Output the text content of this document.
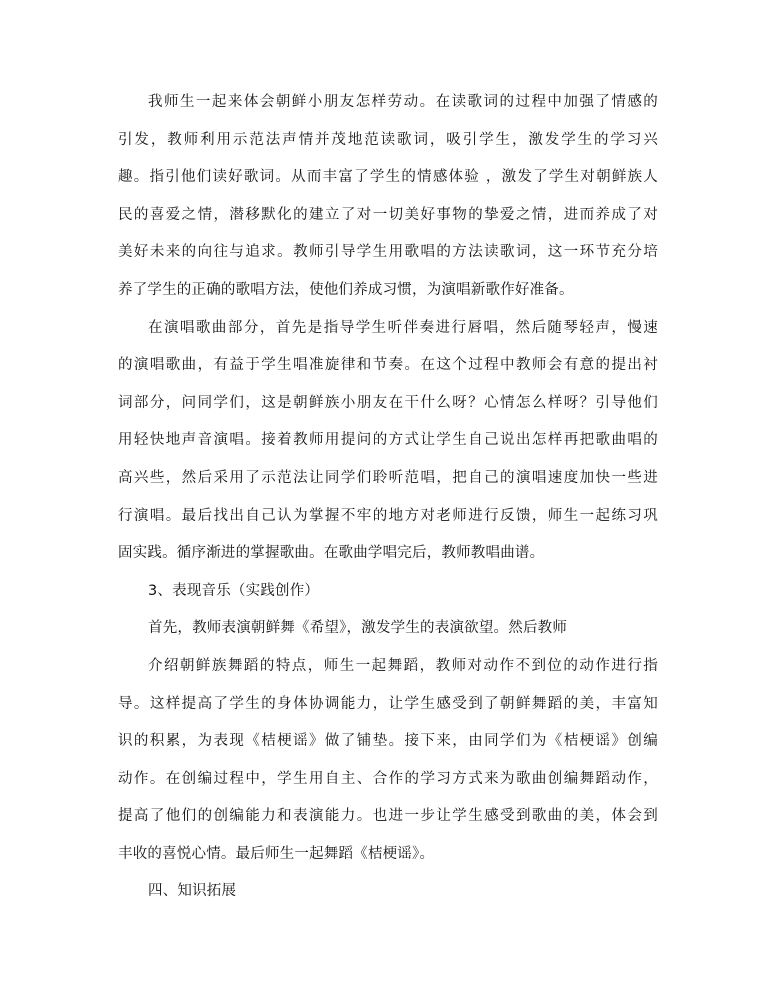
我师生一起来体会朝鲜小朋友怎样劳动。在读歌词的过程中加强了情感的
引发，教师利用示范法声情并茂地范读歌词，吸引学生，激发学生的学习兴
趣。指引他们读好歌词。从而丰富了学生的情感体验 ，激发了学生对朝鲜族人
民的喜爱之情，潜移默化的建立了对一切美好事物的挚爱之情，进而养成了对
美好未来的向往与追求。教师引导学生用歌唱的方法读歌词，这一环节充分培
养了学生的正确的歌唱方法，使他们养成习惯，为演唱新歌作好准备。
在演唱歌曲部分，首先是指导学生听伴奏进行唇唱，然后随琴轻声，慢速
的演唱歌曲，有益于学生唱准旋律和节奏。在这个过程中教师会有意的提出衬
词部分，问同学们，这是朝鲜族小朋友在干什么呀？心情怎么样呀？引导他们
用轻快地声音演唱。接着教师用提问的方式让学生自己说出怎样再把歌曲唱的
高兴些，然后采用了示范法让同学们聆听范唱，把自己的演唱速度加快一些进
行演唱。最后找出自己认为掌握不牢的地方对老师进行反馈，师生一起练习巩
固实践。循序渐进的掌握歌曲。在歌曲学唱完后，教师教唱曲谱。
3、表现音乐（实践创作）
首先，教师表演朝鲜舞《希望》，激发学生的表演欲望。然后教师
介绍朝鲜族舞蹈的特点，师生一起舞蹈，教师对动作不到位的动作进行指
导。这样提高了学生的身体协调能力，让学生感受到了朝鲜舞蹈的美，丰富知
识的积累，为表现《桔梗谣》做了铺垫。接下来，由同学们为《桔梗谣》创编
动作。在创编过程中，学生用自主、合作的学习方式来为歌曲创编舞蹈动作，
提高了他们的创编能力和表演能力。也进一步让学生感受到歌曲的美，体会到
丰收的喜悦心情。最后师生一起舞蹈《桔梗谣》。
四、知识拓展
